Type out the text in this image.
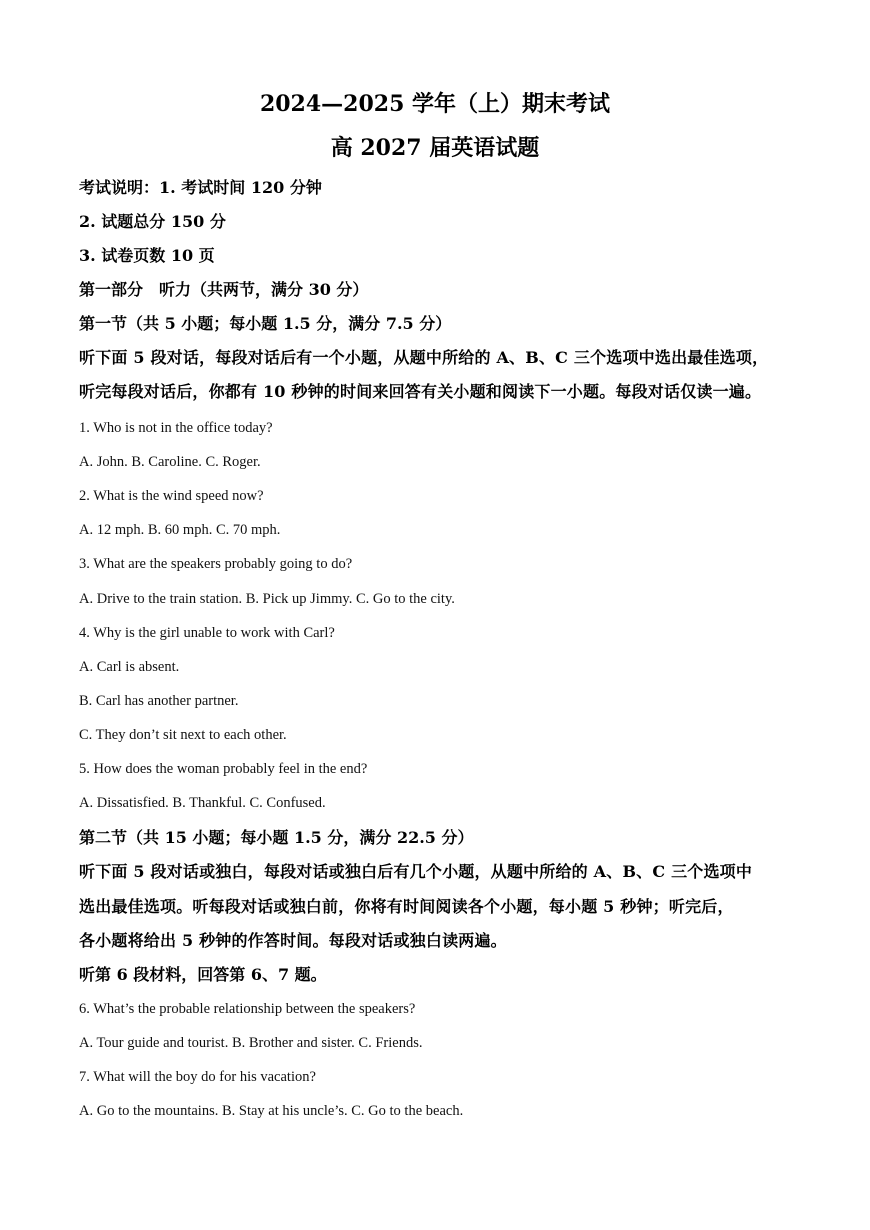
2024—2025 学年（上）期末考试
高 2027 届英语试题
考试说明：1. 考试时间 120 分钟
2. 试题总分 150 分
3. 试卷页数 10 页
第一部分　听力（共两节，满分 30 分）
第一节（共 5 小题；每小题 1.5 分，满分 7.5 分）
听下面 5 段对话，每段对话后有一个小题，从题中所给的 A、B、C 三个选项中选出最佳选项，
听完每段对话后，你都有 10 秒钟的时间来回答有关小题和阅读下一小题。每段对话仅读一遍。
1. Who is not in the office today?
A. John. B. Caroline. C. Roger.
2. What is the wind speed now?
A. 12 mph. B. 60 mph. C. 70 mph.
3. What are the speakers probably going to do?
A. Drive to the train station. B. Pick up Jimmy. C. Go to the city.
4. Why is the girl unable to work with Carl?
A. Carl is absent.
B. Carl has another partner.
C. They don’t sit next to each other.
5. How does the woman probably feel in the end?
A. Dissatisfied. B. Thankful. C. Confused.
第二节（共 15 小题；每小题 1.5 分，满分 22.5 分）
听下面 5 段对话或独白，每段对话或独白后有几个小题，从题中所给的 A、B、C 三个选项中
选出最佳选项。听每段对话或独白前，你将有时间阅读各个小题，每小题 5 秒钟；听完后，
各小题将给出 5 秒钟的作答时间。每段对话或独白读两遍。
听第 6 段材料，回答第 6、7 题。
6. What’s the probable relationship between the speakers?
A. Tour guide and tourist. B. Brother and sister. C. Friends.
7. What will the boy do for his vacation?
A. Go to the mountains. B. Stay at his uncle’s. C. Go to the beach.
